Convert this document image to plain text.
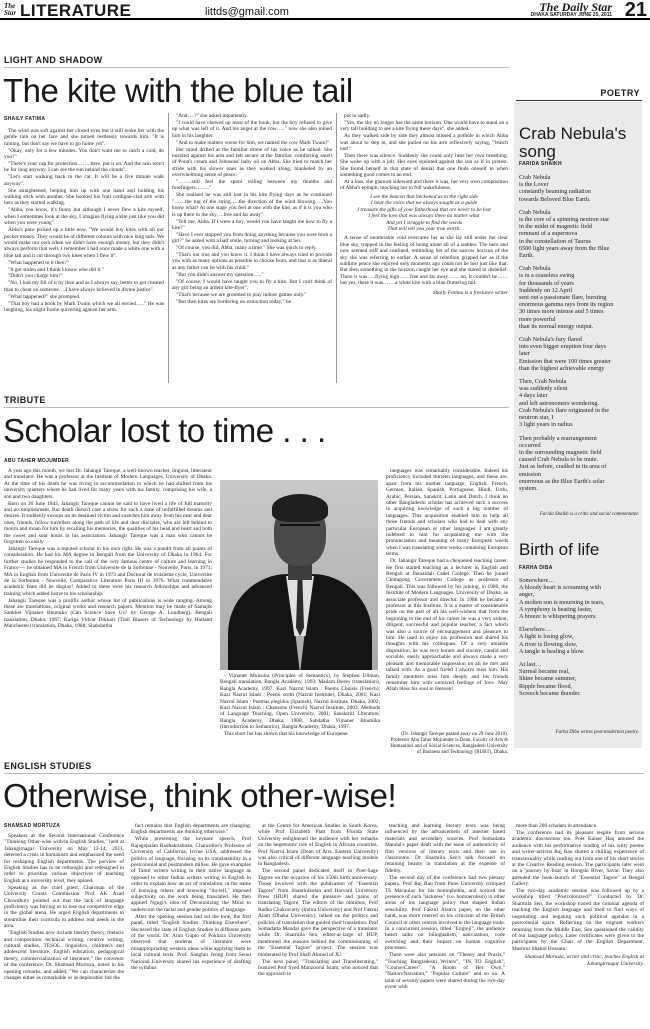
The Star LITERATURE	littds@gmail.com	The Daily Star
DHAKA SATURDAY JUNE 25, 2011 21
LIGHT AND SHADOW
The kite with the blue tail
SHAILY FATIMA

The wind was soft against her closed eyes but it still woke her with the gentle rain on her face and she turned restlessly towards him. "It is raining, but don't say we have to go home yet".

"Okay, only for a few minutes. You don't want me to catch a cold, do you?"

"There's your cap for protection……..here, put it on. And the rain won't be for long anyway. I can see the sun behind the clouds".

"Let's start walking back to the car. It will be a five minute walk anyway".

She straightened, helping him up with one hand and holding his walking stick with another. She hooked his frail cardigan-clad arm with hers as they started walking.

"Abba, you know, it's funny but although I never flew a kite myself, when I sometimes look at the sky, I imagine flying a kite just like you did when you were young".

Abba's pace picked up a little now, "We would buy kites with all our pocket money. They would be of different colours with nice long tails. We would make our own when we didn't have enough money, but they didn't always perform that well. I remember I had once made a white one with a blue tail and it cut through two kites when I flew it".

"What happened to it then?"

"It got stolen and I think I know who did it."

"Didn't you charge him?"

"No, I had my fill of it by then and as I always say, better to get cheated than to cheat on someone….I have always believed in divine justice".

"What happened?" she prompted.

"That boy had a book by Mark Twain which we all envied….." He was laughing, his slight frame quivering against her arm.

"And….?" she asked impatiently.

"I could have chewed up most of the book, but the boy refused to give up what was left of it. And his anger at the cow….." now she also joined him in his laughter.

"And to make matters worse for him, we named the cow Mark Twain!"

Her mind drifted at the familiar drone of his voice as he talked. She nuzzled against his arm and felt secure at the familiar, comforting smell of Pond's cream and Johnsons' baby oil on Abba. She tried to match her stride with his slower ones as they walked along, blanketed by an overwhelming sense of peace.

"……..still feel the spool rolling between my thumbs and forefingers…….."

She realised he was still lost in his kite flying days as he continued "……the tug of the string…..the direction of the wind blowing…..You know what? At one stage you feel at one with the kite, as if it is you who is up there in the sky….free and far away".

"Tell me, Abba. If I were a boy, would you have taught me how to fly a kite?"

"Have I ever stopped you from doing anything because you were born a girl?" he asked with a half smile, turning and looking at her.

"Of course, you did, Abba, many a time." She was quick to reply.

"That's not true and you know it. I think I have always tried to provide you with as many options as possible to choose from, and that is as liberal as any father can be with his child."

"But you didn't answer my question….."

"Of course, I would have taught you to fly a kite. But I can't think of any girl being an ardent kite-flyer".

"That's because we are groomed to play indoor games only."

"But then kites are bordering on extinction today," he

put in sadly.

"Yes, the sky no longer has the same horizon. One would have to stand on a very tall building to see a kite flying these days", she added.

As they walked side by side they almost missed a pothole in which Abba was about to step in, and she pulled on his arm reflexively saying, "Watch out!"

Then there was silence. Suddenly she could only hear her own breathing. She woke up with a jolt. Her eyes squinted against the sun as if in protest. She found herself in that state of denial that one finds oneself in when something good comes to an end.

At a loss, she glanced sideward and there it was, her very own composition of Abba's epitaph, mocking her to full wakefulness.

I see the beacon that beckoned us to the right side
I hear the voice that we always sought as a guide
I treasure the gifts of your fatherhood that are never to be lost
I feel the love that was always there no matter what
And yet I struggle to find the words
That will tell you your true worth.

A sense of unutterable void overcame her as she lay still under the clear blue sky, trapped in the feeling of being alone all of a sudden. The here and now seemed stiff and confined, reminding her of the narrow horizon of the sky she was referring to earlier. A sense of rebellion gripped her as if the sublime peace she enjoyed only moments ago could not be lost just like that. But then something in the horizon caught her eye and she stared in disbelief. There it was…..flying high……free and far away…… no, it couldn't be……but yes, there it was…….a white kite with a blue fluttering tail.

Shaily Fatima is a freelance writer
POETRY
Crab Nebula's song
FARIDA SHAIKH
Crab Nebula
is the Lover
constantly beaming radiation
towards Beloved Blue Earth.
Crab Nebula
is the core of a spinning neutron star
in the midst of magnetic field
remnant of a supernova
in the constellation of Taurus
6500 light years away from the Blue
Earth.
Crab Nebula
is in a ceaseless swing
for thousands of years
Suddenly on 12 April
sent out a passionate flare, bursting
enormous gamma rays from its region
30 times more intense and 5 times
more powerful
than its normal energy output.
Crab Nebula's fury flared
into even bigger eruption four days
later
Emission that were 100 times greater
than the highest achievable energy
Then, Crab Nebula
was suddenly silent
4 days later
and left astronomers wondering.
Crab Nebula's flare originated in the
neutron star, I
3 light years in radius
Then probably a rearrangement
occurred
in the surrounding magnetic field
caused Crab Nebula to be mute.
Just as before, cradled in its area of
emission
enormous as the Blue Earth's solar
system.
Farida Shaikh is a critic and social commentator.
Birth of life
FARHA DIBA
Somewhere…
A bloody heart is screaming with
anger,
A molten sun is mourning in tears,
A symphony is beating faster,
A breeze is whispering prayers.
Elsewhere…
A light is losing glow,
A river is flowing slow,
A tangle is healing a blow.
At last…
Surreal became real,
Shine became summer,
Ripple became flood,
Screech became thunder.
Farha Diba writes post-modernist poetry.
TRIBUTE
Scholar lost to time . . .
ABU TAHER MOJUMDER

A year ago this month, we lost Dr. Jahangir Tareque, a well-known teacher, linguist, litterateur and translator. He was a professor at the Institute of Modern Languages, University of Dhaka. At the time of his death he was living in accommodation to which he had shifted from his university quarters where he had lived for many years with his family, comprising his wife, a son and two daughters.

Born on 30 June 1943, Jahangir Tareque cannot be said to have lived a life of full maturity and accomplishment. But death doesn't care a straw for such a state of unfulfilled dreams and desires. It suddenly swoops on its destined victim and snatches him away from his near and dear ones, friends, fellow travellers along the path of life and dear disciples, who are left behind to mourn and moan for him by recalling his memories, the qualities of his head and heart and both the sweet and sour hours in his association. Jahangir Tareque was a man who cannot be forgotten so easily.

Jahangir Tareque was a reputed scholar in his own right. He was a pundit from all points of consideration. He had his MA degree in Bengali from the University of Dhaka in 1964. For further studies he responded to the call of the very famous centre of culture and learning in France — he obtained MA in French from Universite de la Sorbonne - Nouvelle, Paris, in 1971; MA in English from Universite de Paris IV in 1973 and Doctorat de troisieme cycle, Universite de la Sorbonne - Nouvelle, Comparative Literature Paris III in 1976. What commendable academic feats did he display! Added to these were his research fellowships and advanced training which added lustre to his scholarship.

Jahangir Tareque was a prolific author whose list of publications is wide ranging. Among these are translations, original works and research papers. Mention may be made of Samajik Sankhet Vijnaner Bhumika (Can Science Save Us? by George A. Lundberg), Bengali translation, Dhaka, 1967; Kariga Vidyar Dikkari (Trail Blazers of Technology by Harland Manchester) translation, Dhaka, 1988; Shabdartha

- Vijnaner Mulsutra (Principles of Semantics), by Stephen Ullman, Bengali translation, Bangla Academy, 1993; Madarn Iberey (translation), Bangla Academy, 1997; Kazi Nazrul Islam : Poems Choisis (French); Kazi Nazrul Islam : Poemi scelti (Nazrul Institute), Dhaka, 2001; Kazi Nazrul Islam : Poemas elegidos (Spanish), Nazrul Institute, Dhaka, 2002; Kazi Nazrul Islam : Chansons (French) Nazrul Institute, 2003; Methods of Language Teaching, Open University, 2001; Sansktriti Literature, Bangla Academy, Dhaka, 1988; Sabdatha Vijnaner Bhumika (Introduction to Semantics), Bangla Academy, Dhaka, 1997.

This short list has shown that his knowledge of European

languages was remarkably considerable. Indeed his proficiency included thirteen languages, and these are, apart from his mother language, English, French, German, Italian, Spanish, Portuguese, Hindi, Urdu, Arabic, Persian, Sanskrit, Latin and Dutch. I think no other Bangladeshi scholar has achieved such a success in acquiring knowledge of such a big number of languages. This acquisition enabled him to help all those friends and scholars who had to deal with any particular European or other languages. I am greatly indebted to him for acquainting me with the pronunciation and meaning of many European words when I was translating some works containing European terms.

Dr. Jahangir Tareque had a chequered teaching career. He first started teaching as a lecturer in English and Bengali at Jhenaidah Cadet College. Then he joined Chittagong Government College as professor of Bengali. This was followed by his joining, in 1980, the Institute of Modern Languages, University of Dhaka, as associate professor and director. In 1988 he became a professor at this Institute. It is a matter of considerable pride on the part of all his well-wishers that from the beginning to the end of his career he was a very ardent, diligent, successful and popular teacher, a fact which was also a source of encouragement and pleasure to him. He used to enjoy his profession and shared his thoughts with his colleagues. Of a very amiable disposition, he was very honest and sincere, candid and sociable, easily approachable and always made a very pleasant and memorable impression on all he met and talked with. As a good friend I always miss him. His family members miss him deeply and his friends remember him with unmixed feelings of love. May Allah bless his soul in Heaven!

(Dr. Jahangir Tareque passed away on 29 June 2010). Professor Abu Taher Mojumder is Dean, Faculty of Arts & Humanities and of Social Sciences, Bangladesh University of Business and Technology (BUBT), Dhaka.
ENGLISH STUDIES
Otherwise, think other-wise!
SHAMSAD MORTUZA

Speakers at the Second International Conference "Thinking Other-wise with/in English Studies," held at Jahangirnagar University on May 13-14, 2011, detected a crisis in humanism and emphasized the need for reshaping English departments. The purview of English Studies has to be rethought and redesigned in order to prioritize various objectives of teaching English at a university level, they opined.

Speaking as the chief guest, Chairman of the University Grants Commission Prof AK Azad Chowdhury pointed out that the lack of language proficiency was forcing us to lose our competitive edge in the global arena. He urged English departments to streamline their curricula to address real needs in the area.

"English Studies now include literary theory, rhetoric and composition, technical writing, creative writing, cultural studies, TESOL, linguistics, children's and adolescent literature, English education, pedagogical theory, commercialization of literature," the convenor of the conference, Dr. Shamsad Mortuza, noted in his opening remarks, and added, "We can characterize the changes either as remarkable or as deplorable; but the

fact remains that English departments are changing. English departments are thinking otherwise."

While presenting the keynote speech, Prof Rajagopalan Radhakrishnan, Chancellor's Professor of University of California, Irvine USA, addressed the politics of language, focusing on its translatability in a postcolonial and postmodern milieu. He gave examples of Tamil writers writing in their native language as opposed to other Indian writers writing in English in order to explain how an act of translation, in the name of knowing others and knowing "thyself," imposed subjectivity on the work being translated. He then applied Ngugi's idea of Decolonizing the Mind to underscore the racial and gender politics of language.

After the opening session had set the tone, the first panel, titled "English Studies: Thinking Elsewhere", discussed the state of English Studies in different parts of the world. Dr. Arun Gupto of Pokhara University observed that students of literature were misappropriating western ideas while applying them to local cultural texts. Prof. Sanglun Jeong from Seoul National University shared his experience of drafting the syllabus

at the Centre for American Studies in South Korea, while Prof Elizabeth Platt from Florida State University enlightened the audience with her remarks on the hegemonic role of English in African countries. Prof Nazrul Islam (Dean of Arts, Eastern University) was also critical of different language teaching models in Bangladesh.

The second panel dedicated itself to Poet-Sage Tagore on the occasion of his 150th birth anniversary. Those involved with the publication of "Essential Tagore" from Shantiniketan and Harvard University Press (HUP) shared the pleasure and pains of translating Tagore. The editors of the omnibus, Prof Radha Chakravarty (Indira University) and Prof Fakrul Alam (Dhaka University), talked on the politics and policies of translation that guided their translation. Prof Somadatta Mandal gave the perspective of a translator while Dr. Sharmila Sen, editor-at-large of HUP, mentioned the reasons behind the commissioning of the "Essential Tagore" project. The session was moderated by Prof Shafi Ahmed of JU.

The next panel, "Translating and Transliterating," featured Prof Syed Manzoorul Islam, who noticed that the approach to

teaching and learning literary texts was being influenced by the advancement of internet based materials and secondary sources. Prof Somadatta Mandal's paper dealt with the issue of authenticity of film versions of literary texts and their use in classrooms. Dr Sharmila Sen's talk focused on retaining beauty in translation at the expense of fidelity.

The second day of the conference had two plenary papers. Prof Raj Rao from Pune University critiqued TS Macaulay for his homophobia, and noticed the presence of such "sickness" (i.e. homoerotism) in other areas of his language policy that shaped Indian sensibility. Prof Fakrul Alam's paper, on the other hand, was more centred on his criticism of the British Council or other centres involved in the language trade. In a concurrent session, titled "Engreji", the audience heard talks on bilingualism, nativization, code switching and their impact on human cognitive processes.

There were also sessions on "Theory and Praxis," "Teaching Bangladeshi Writers", "IN TO English", "Course/Career", "A Room of Her Own," "Nation/Narration," "Popular Culture" and so on. A total of seventy papers were shared during the two-day event with

more than 200 scholars in attendance.

The conference had its pleasant respite from serious academic discussions too. Poet Kaiser Haq amused the audience with his performative reading of his witty poems and writer-activist Raj Rao shared a chilling experience of transsexuality while reading out from one of his short stories at the Creative Reading session. The participants later went on a 'journey by boat' in Bongshi River, Savar. They also attended the book-launch of "Essential Tagore" at Bengal Gallery.

The two-day academic session was followed up by a workshop titled "Postcolonized?" Conducted by Dr. Sharmila Sen, the workshop traced the colonial agenda of teaching the English language and tried to find ways of negotiating and negating such political agendas in a postcolonial space. Reflecting on the migrant workers returning from the Middle East, Sen questioned the validity of our language policy. Later certificates were given to the participants by the Chair of the English Department, Mashrur Shahid Hossain.

Shamsad Mortuza, writer and critic, teaches English at Jahangirnagar University.
